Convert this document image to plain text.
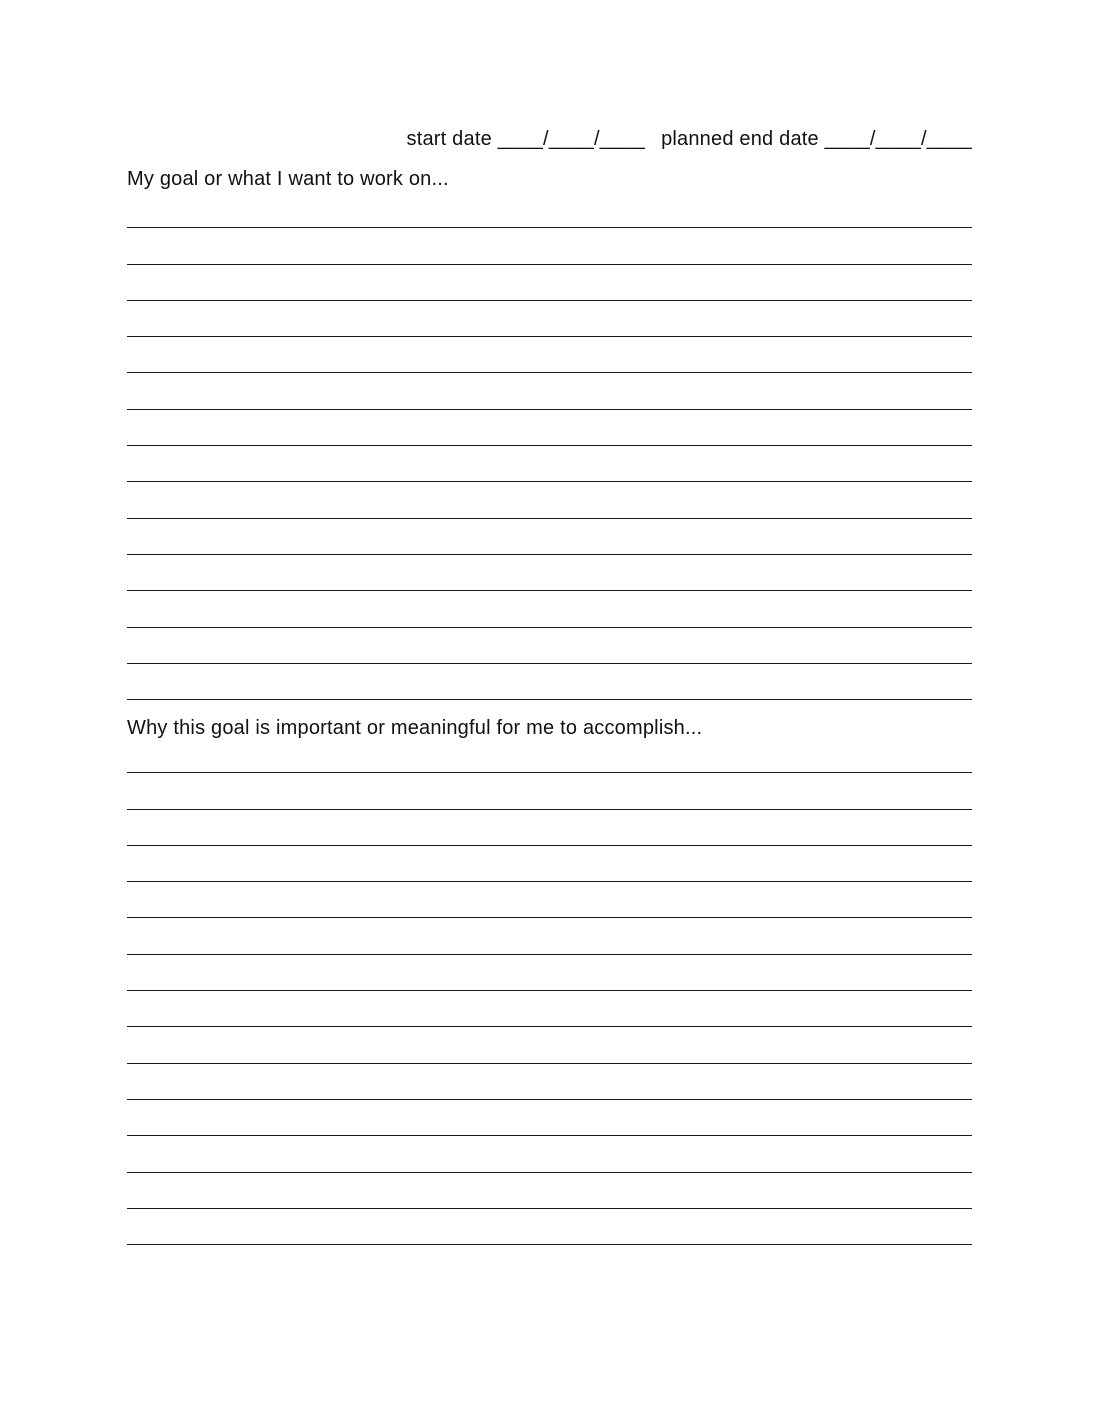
start date ____/____/____ planned end date ____/____/____
My goal or what I want to work on...
Why this goal is important or meaningful for me to accomplish...
